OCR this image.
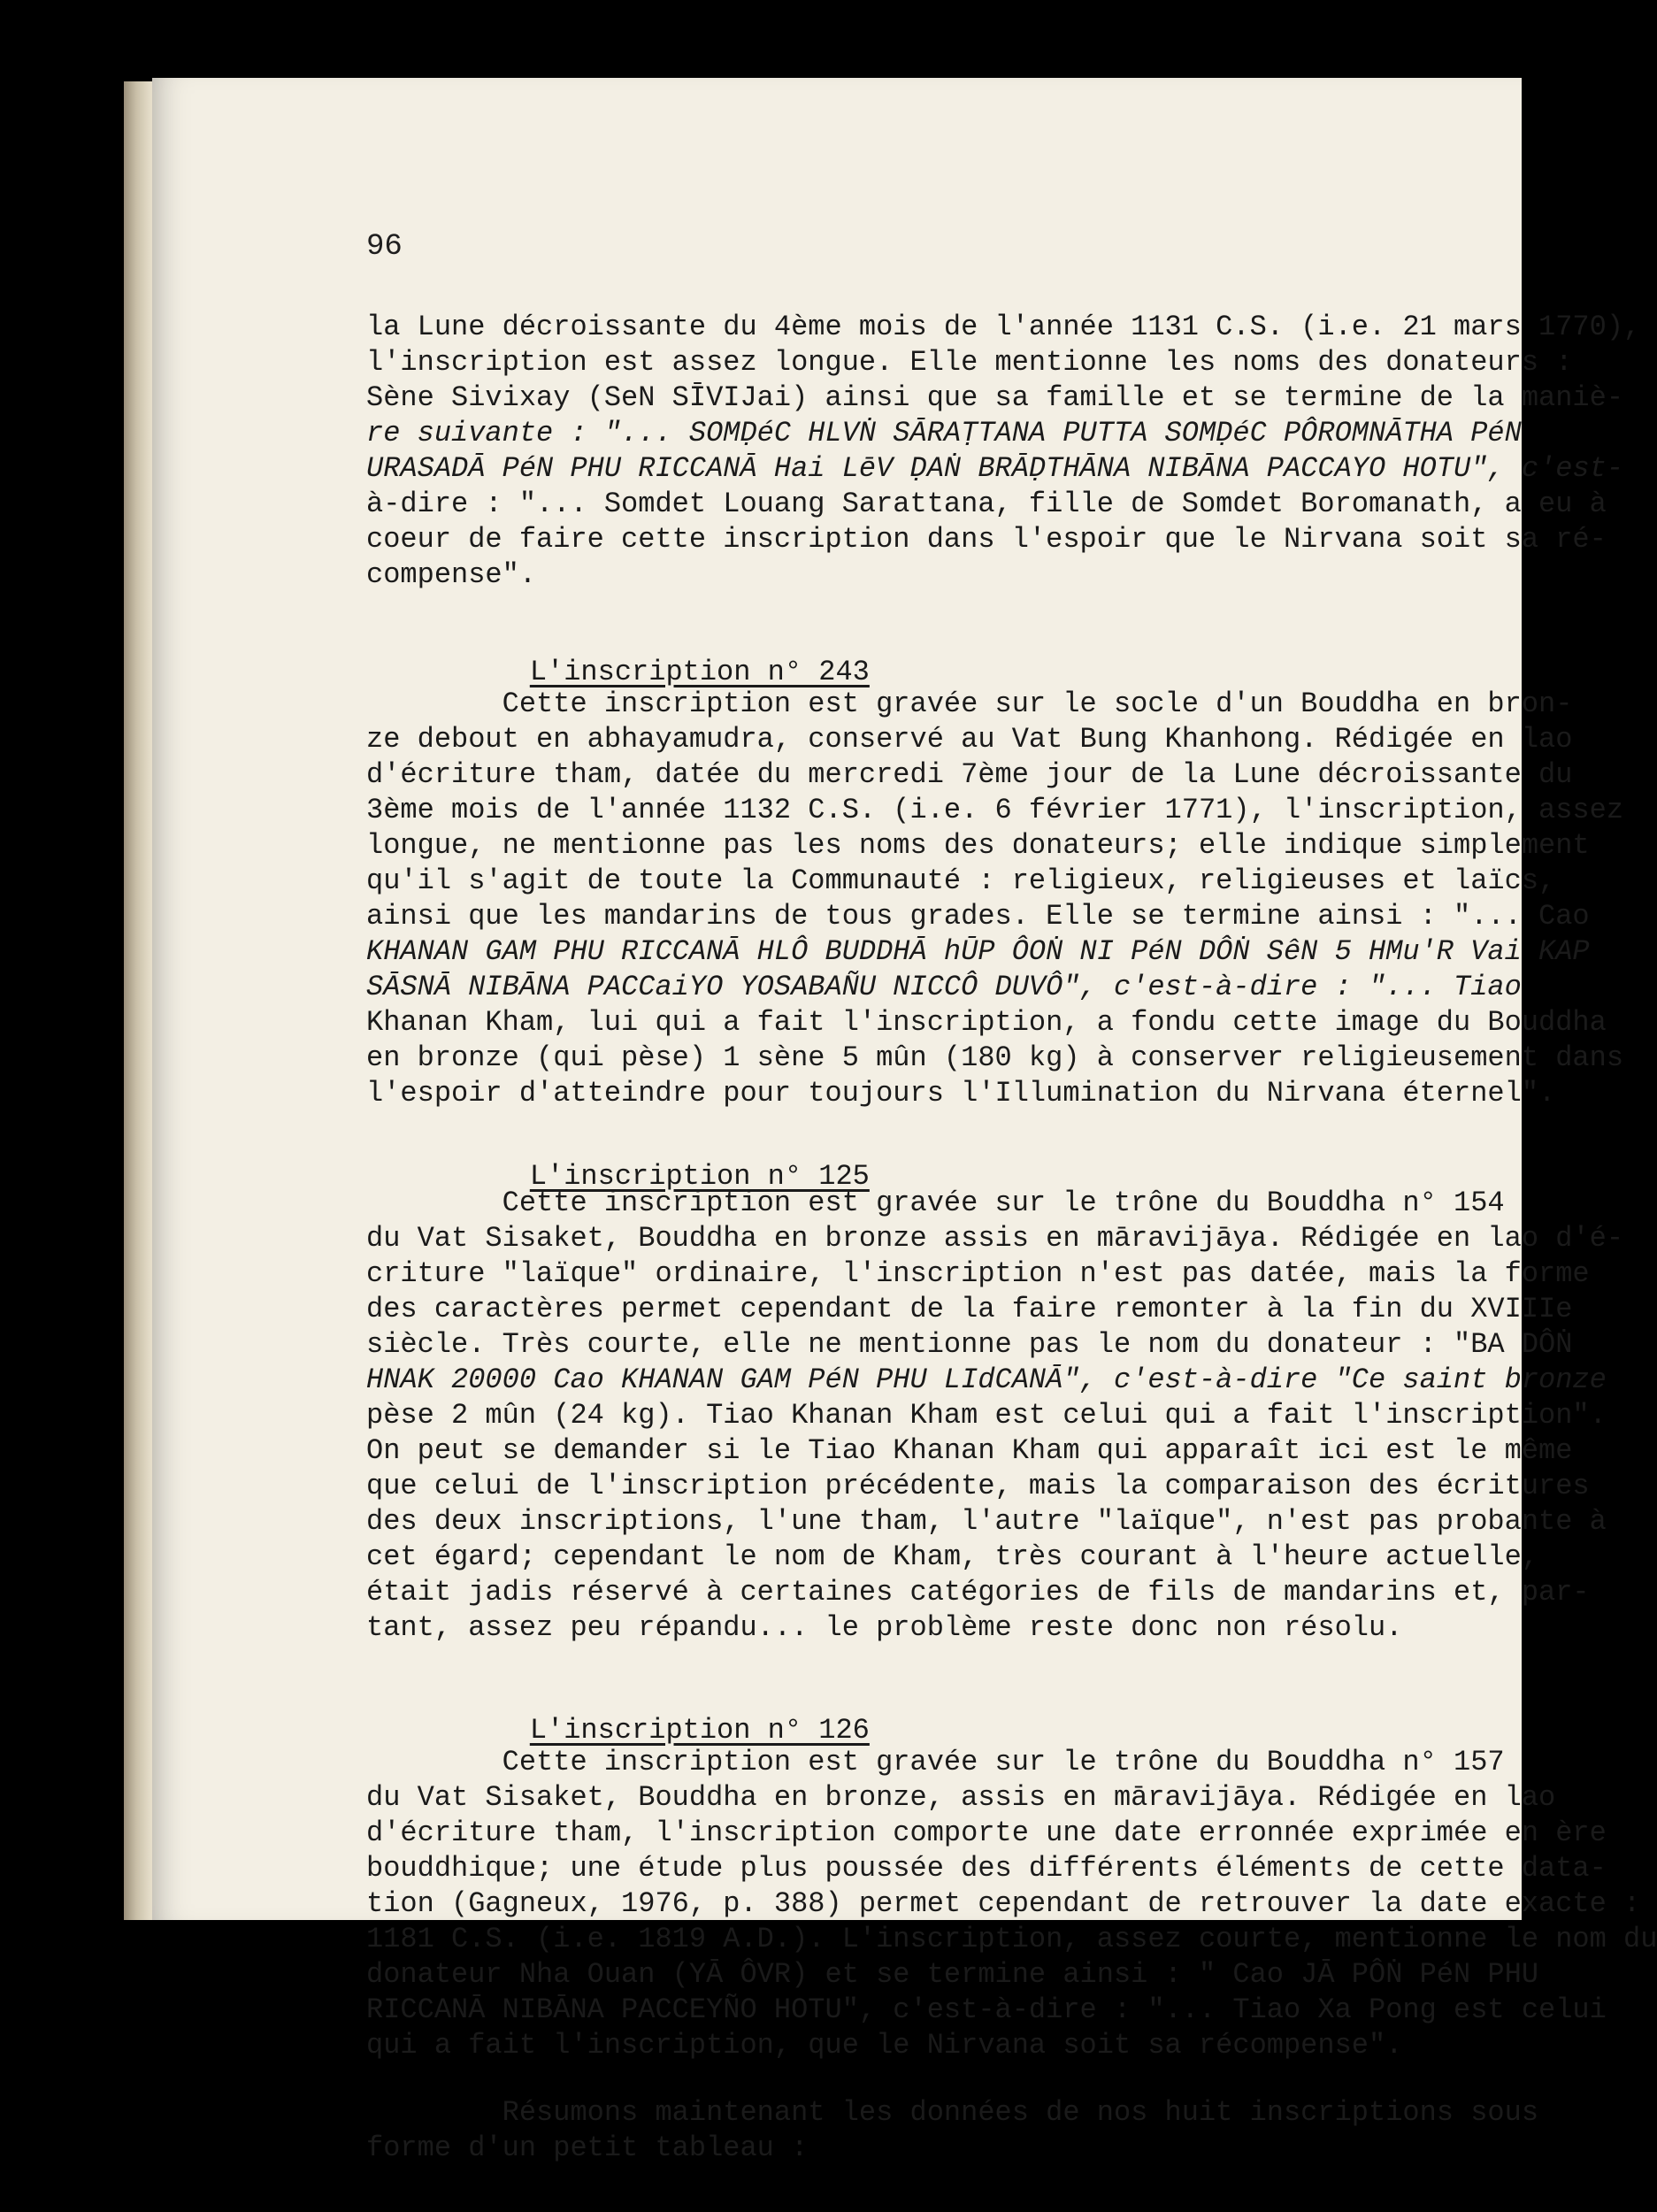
96
la Lune décroissante du 4ème mois de l'année 1131 C.S. (i.e. 21 mars 1770),
l'inscription est assez longue. Elle mentionne les noms des donateurs :
Sène Sivixay (SeN SĪVIJai) ainsi que sa famille et se termine de la maniè-
re suivante : "... SOMḌéC HLVṄ SĀRAṬTANA PUTTA SOMḌéC PÔROMNĀTHA PéN
URASADĀ PéN PHU RICCANĀ Hai LēV ḌAṄ BRĀḌTHĀNA NIBĀNA PACCAYO HOTU", c'est-
à-dire : "... Somdet Louang Sarattana, fille de Somdet Boromanath, a eu à
coeur de faire cette inscription dans l'espoir que le Nirvana soit sa ré-
compense".

L'inscription n° 243

Cette inscription est gravée sur le socle d'un Bouddha en bron-
ze debout en abhayamudra, conservé au Vat Bung Khanhong. Rédigée en lao
d'écriture tham, datée du mercredi 7ème jour de la Lune décroissante du
3ème mois de l'année 1132 C.S. (i.e. 6 février 1771), l'inscription, assez
longue, ne mentionne pas les noms des donateurs; elle indique simplement
qu'il s'agit de toute la Communauté : religieux, religieuses et laïcs,
ainsi que les mandarins de tous grades. Elle se termine ainsi : "... Cao
KHANAN GAM PHU RICCANĀ HLÔ BUDDHĀ hŪP ÔOṄ NI PéN DÔṄ SêN 5 HMu'R Vai KAP
SĀSNĀ NIBĀNA PACCaiYO YOSABAÑU NICCÔ DUVÔ", c'est-à-dire : "... Tiao
Khanan Kham, lui qui a fait l'inscription, a fondu cette image du Bouddha
en bronze (qui pèse) 1 sène 5 mûn (180 kg) à conserver religieusement dans
l'espoir d'atteindre pour toujours l'Illumination du Nirvana éternel".

L'inscription n° 125

Cette inscription est gravée sur le trône du Bouddha n° 154
du Vat Sisaket, Bouddha en bronze assis en māravijāya. Rédigée en lao d'é-
criture "laïque" ordinaire, l'inscription n'est pas datée, mais la forme
des caractères permet cependant de la faire remonter à la fin du XVIIIe
siècle. Très courte, elle ne mentionne pas le nom du donateur : "BA DÔṄ
HNAK 20000 Cao KHANAN GAM PéN PHU LIdCANĀ", c'est-à-dire "Ce saint bronze
pèse 2 mûn (24 kg). Tiao Khanan Kham est celui qui a fait l'inscription".
On peut se demander si le Tiao Khanan Kham qui apparaît ici est le même
que celui de l'inscription précédente, mais la comparaison des écritures
des deux inscriptions, l'une tham, l'autre "laïque", n'est pas probante à
cet égard; cependant le nom de Kham, très courant à l'heure actuelle,
était jadis réservé à certaines catégories de fils de mandarins et, par-
tant, assez peu répandu... le problème reste donc non résolu.

L'inscription n° 126

Cette inscription est gravée sur le trône du Bouddha n° 157
du Vat Sisaket, Bouddha en bronze, assis en māravijāya. Rédigée en lao
d'écriture tham, l'inscription comporte une date erronnée exprimée en ère
bouddhique; une étude plus poussée des différents éléments de cette data-
tion (Gagneux, 1976, p. 388) permet cependant de retrouver la date exacte :
1181 C.S. (i.e. 1819 A.D.). L'inscription, assez courte, mentionne le nom du
donateur Nha Ouan (YĀ ÔVR) et se termine ainsi : " Cao JĀ PÔṄ PéN PHU
RICCANĀ NIBĀNA PACCEYÑO HOTU", c'est-à-dire : "... Tiao Xa Pong est celui
qui a fait l'inscription, que le Nirvana soit sa récompense".
Résumons maintenant les données de nos huit inscriptions sous
forme d'un petit tableau :
